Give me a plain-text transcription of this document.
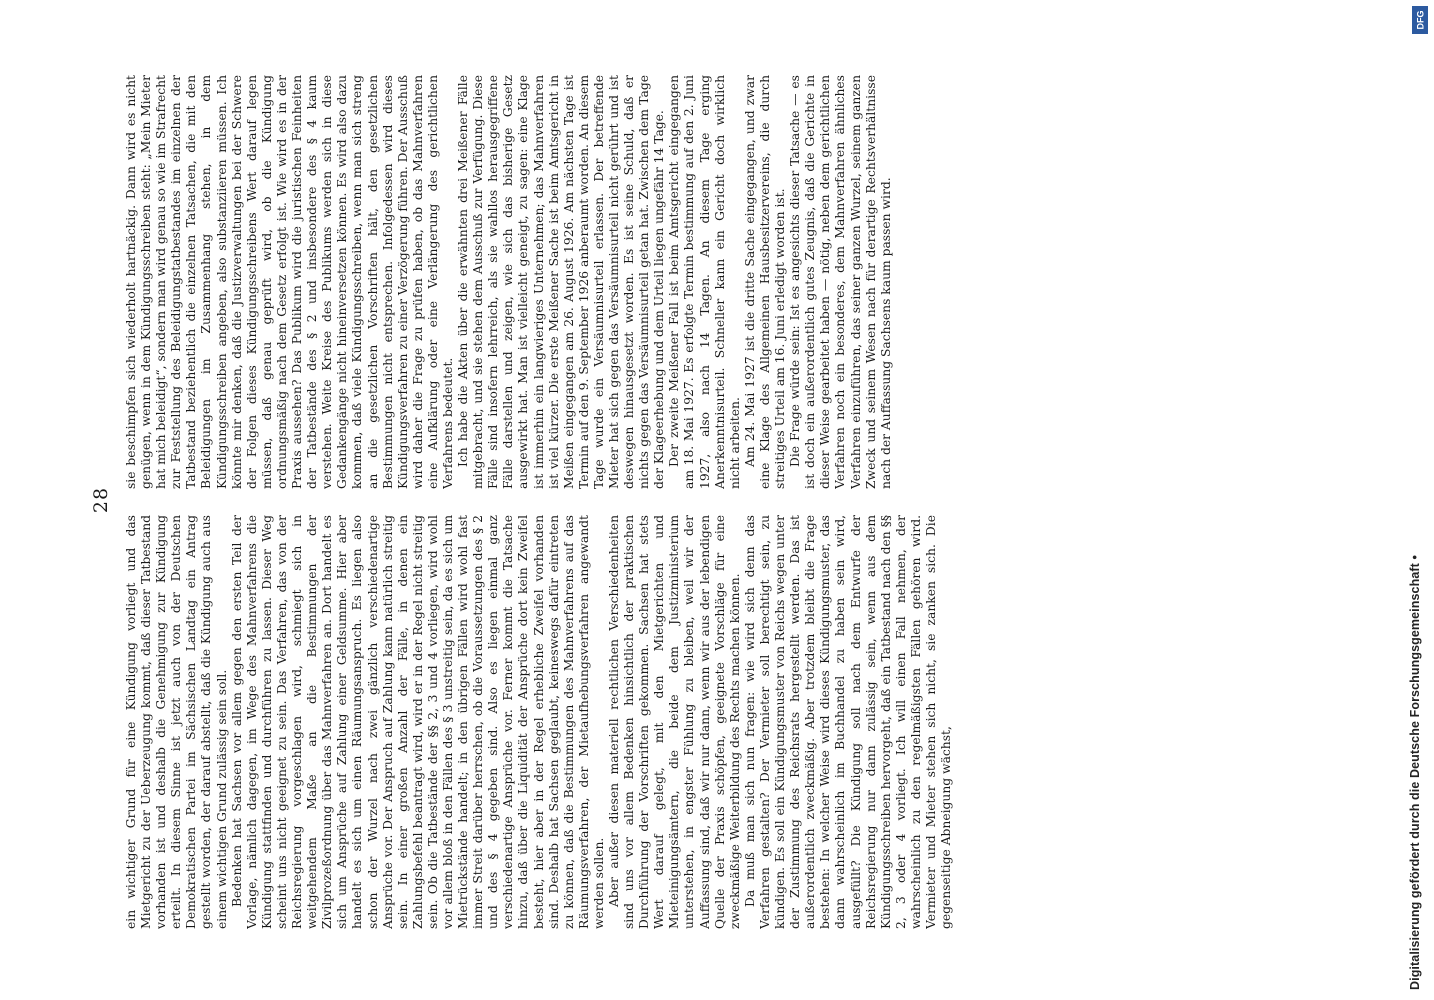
28

ein wichtiger Grund für eine Kündigung vorliegt und das Mietgericht zu der Ueberzeugung kommt, daß dieser Tatbestand vorhanden ist und deshalb die Genehmigung zur Kündigung erteilt. In diesem Sinne ist jetzt auch von der Deutschen Demokratischen Partei im Sächsischen Landtag ein Antrag gestellt worden, der darauf abstellt, daß die Kündigung auch aus einem wichtigen Grund zulässig sein soll. Bedenken hat Sachsen vor allem gegen den ersten Teil der Vorlage, nämlich dagegen, im Wege des Mahnverfahrens die Kündigung stattfinden und durchführen zu lassen. Dieser Weg scheint uns nicht geeignet zu sein. Das Verfahren, das von der Reichsregierung vorgeschlagen wird, schmiegt sich in weitgehendem Maße an die Bestimmungen der Zivilprozeßordnung über das Mahnverfahren an. Dort handelt es sich um Ansprüche auf Zahlung einer Geldsumme. Hier aber handelt es sich um einen Räumungsanspruch. Es liegen also schon der Wurzel nach zwei gänzlich verschiedenartige Ansprüche vor. Der Anspruch auf Zahlung kann natürlich streitig sein. In einer großen Anzahl der Fälle, in denen ein Zahlungsbefehl beantragt wird, wird er in der Regel nicht streitig sein. Ob die Tatbestände der §§ 2, 3 und 4 vorliegen, wird wohl vor allem bloß in den Fällen des § 3 unstreitig sein, da es sich um Mietrückstände handelt; in den übrigen Fällen wird wohl fast immer Streit darüber herrschen, ob die Voraussetzungen des § 2 und des § 4 gegeben sind. Also es liegen einmal ganz verschiedenartige Ansprüche vor. Ferner kommt die Tatsache hinzu, daß über die Liquidität der Ansprüche dort kein Zweifel besteht, hier aber in der Regel erhebliche Zweifel vorhanden sind. Deshalb hat Sachsen geglaubt, keineswegs dafür eintreten zu können, daß die Bestimmungen des Mahnverfahrens auf das Räumungsverfahren, der Mietaufhebungsverfahren angewandt werden sollen. Aber außer diesen materiell rechtlichen Verschiedenheiten sind uns vor allem Bedenken hinsichtlich der praktischen Durchführung der Vorschriften gekommen. Sachsen hat stets Wert darauf gelegt, mit den Mietgerichten und Mieteinigungsämtern, die beide dem Justizministerium unterstehen, in engster Fühlung zu bleiben, weil wir der Auffassung sind, daß wir nur dann, wenn wir aus der lebendigen Quelle der Praxis schöpfen, geeignete Vorschläge für eine zweckmäßige Weiterbildung des Rechts machen können. Da muß man sich nun fragen: wie wird sich denn das Verfahren gestalten? Der Vermieter soll berechtigt sein, zu kündigen. Es soll ein Kündigungsmuster von Reichs wegen unter der Zustimmung des Reichsrats hergestellt werden. Das ist außerordentlich zweckmäßig. Aber trotzdem bleibt die Frage bestehen: In welcher Weise wird dieses Kündigungsmuster, das dann wahrscheinlich im Buchhandel zu haben sein wird, ausgefüllt? Die Kündigung soll nach dem Entwurfe der Reichsregierung nur dann zulässig sein, wenn aus dem Kündigungsschreiben hervorgeht, daß ein Tatbestand nach den §§ 2, 3 oder 4 vorliegt. Ich will einen Fall nehmen, der wahrscheinlich zu den regelmäßigsten Fällen gehören wird. Vermieter und Mieter stehen sich nicht, sie zanken sich. Die gegenseitige Abneigung wächst,

sie beschimpfen sich wiederholt hartnäckig. Dann wird es nicht genügen, wenn in dem Kündigungsschreiben steht: „Mein Mieter hat mich beleidigt“, sondern man wird genau so wie im Strafrecht zur Feststellung des Beleidigungstatbestandes im einzelnen der Tatbestand beziehentlich die einzelnen Tatsachen, die mit den Beleidigungen im Zusammenhang stehen, in dem Kündigungsschreiben angeben, also substanziieren müssen. Ich könnte mir denken, daß die Justizverwaltungen bei der Schwere der Folgen dieses Kündigungsschreibens Wert darauf legen müssen, daß genau geprüft wird, ob die Kündigung ordnungsmäßig nach dem Gesetz erfolgt ist. Wie wird es in der Praxis aussehen? Das Publikum wird die juristischen Feinheiten der Tatbestände des § 2 und insbesondere des § 4 kaum verstehen. Weite Kreise des Publikums werden sich in diese Gedankengänge nicht hineinversetzen können. Es wird also dazu kommen, daß viele Kündigungsschreiben, wenn man sich streng an die gesetzlichen Vorschriften hält, den gesetzlichen Bestimmungen nicht entsprechen. Infolgedessen wird dieses Kündigungsverfahren zu einer Verzögerung führen. Der Ausschuß wird daher die Frage zu prüfen haben, ob das Mahnverfahren eine Aufklärung oder eine Verlängerung des gerichtlichen Verfahrens bedeutet. Ich habe die Akten über die erwähnten drei Meißener Fälle mitgebracht, und sie stehen dem Ausschuß zur Verfügung. Diese Fälle sind insofern lehrreich, als sie wahllos herausgegriffene Fälle darstellen und zeigen, wie sich das bisherige Gesetz ausgewirkt hat. Man ist vielleicht geneigt, zu sagen: eine Klage ist immerhin ein langwieriges Unternehmen; das Mahnverfahren ist viel kürzer. Die erste Meißener Sache ist beim Amtsgericht in Meißen eingegangen am 26. August 1926. Am nächsten Tage ist Termin auf den 9. September 1926 anberaumt worden. An diesem Tage wurde ein Versäumnisurteil erlassen. Der betreffende Mieter hat sich gegen das Versäumnisurteil nicht gerührt und ist deswegen hinausgesetzt worden. Es ist seine Schuld, daß er nichts gegen das Versäumnisurteil getan hat. Zwischen dem Tage der Klageerhebung und dem Urteil liegen ungefähr 14 Tage. Der zweite Meißener Fall ist beim Amtsgericht eingegangen am 18. Mai 1927. Es erfolgte Termin bestimmung auf den 2. Juni 1927, also nach 14 Tagen. An diesem Tage erging Anerkenntnisurteil. Schneller kann ein Gericht doch wirklich nicht arbeiten. Am 24. Mai 1927 ist die dritte Sache eingegangen, und zwar eine Klage des Allgemeinen Hausbesitzervereins, die durch streitiges Urteil am 16. Juni erledigt worden ist. Die Frage würde sein: Ist es angesichts dieser Tatsache — es ist doch ein außerordentlich gutes Zeugnis, daß die Gerichte in dieser Weise gearbeitet haben — nötig, neben dem gerichtlichen Verfahren noch ein besonderes, dem Mahnverfahren ähnliches Verfahren einzuführen, das seiner ganzen Wurzel, seinem ganzen Zweck und seinem Wesen nach für derartige Rechtsverhältnisse nach der Auffassung Sachsens kaum passen wird.

DFG
Digitalisierung gefördert durch die Deutsche Forschungsgemeinschaft •
